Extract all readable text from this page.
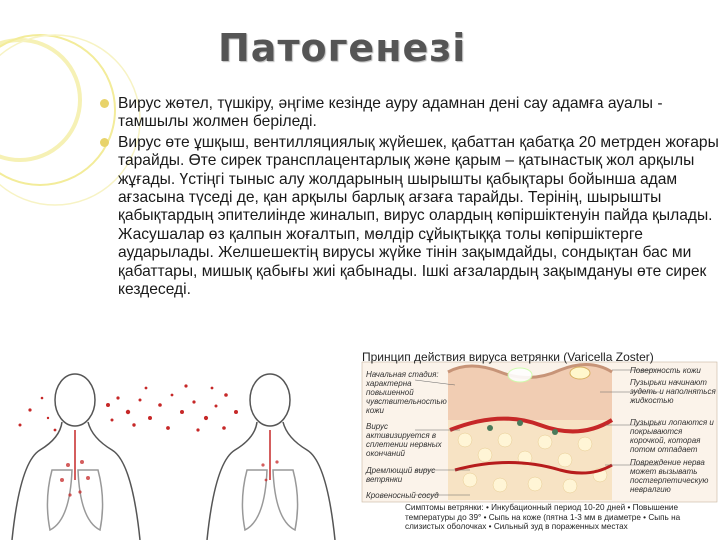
Патогенезі
Вирус жөтел, түшкіру, әңгіме кезінде ауру адамнан дені сау адамға ауалы - тамшылы жолмен беріледі.
Вирус өте ұшқыш, вентилляциялық жүйешек, қабаттан қабатқа 20 метрден жоғары тарайды. Өте сирек трансплацентарлық және қарым – қатынастық жол арқылы жұғады. Үстіңгі тыныс алу жолдарының шырышты қабықтары бойынша адам ағзасына түседі де, қан арқылы барлық ағзаға тарайды. Терінің, шырышты қабықтардың эпителиінде жиналып, вирус олардың көпіршіктенуін пайда қылады. Жасушалар өз қалпын жоғалтып, мөлдір сұйықтыққа толы көпіршіктерге аударылады. Желшешектің вирусы жүйке тінін зақымдайды, сондықтан бас ми қабаттары, мишық қабығы жиі қабынады. Ішкі ағзалардың зақымдануы өте сирек кездеседі.
Принцип действия вируса ветрянки (Varicella Zoster)
Начальная стадия: характерна повышенной чувствительностью кожи
Вирус активизируется в сплетении нервных окончаний
Дремлющий вирус ветрянки
Кровеносный сосуд
Поверхность кожи
Пузырьки начинают зудеть и наполняться жидкостью
Пузырьки лопаются и покрываются корочкой, которая потом отпадает
Повреждение нерва может вызывать постгерпетическую невралгию
Симптомы ветрянки: • Инкубационный период 10-20 дней • Повышение температуры до 39° • Сыпь на коже (пятна 1-3 мм в диаметре • Сыпь на слизистых оболочках • Сильный зуд в пораженных местах
